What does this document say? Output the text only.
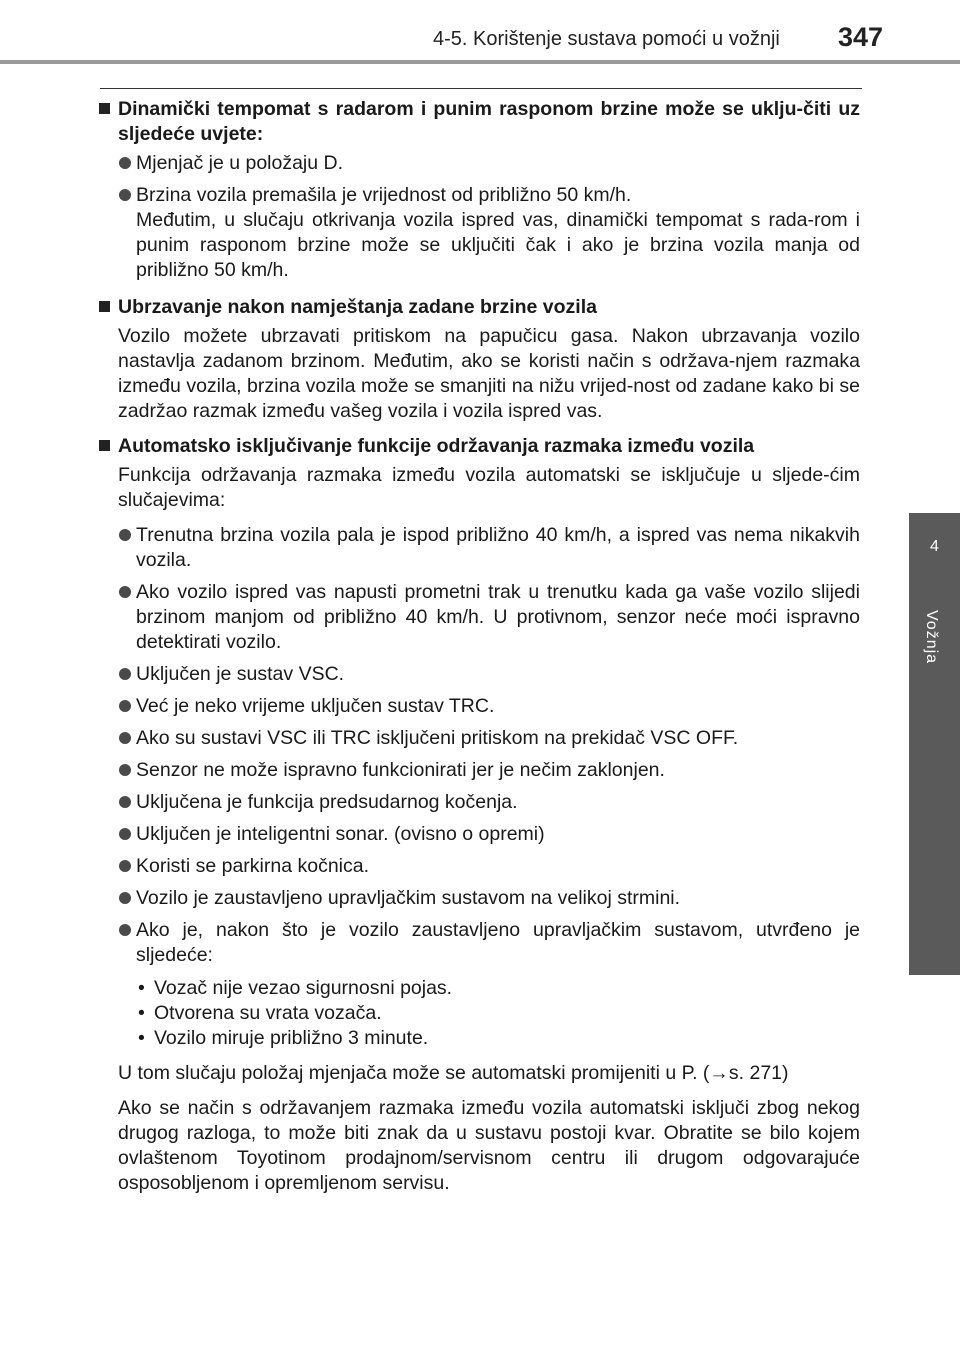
4-5. Korištenje sustava pomoći u vožnji 347
4
Vožnja
Dinamički tempomat s radarom i punim rasponom brzine može se uklju-čiti uz sljedeće uvjete:
Mjenjač je u položaju D.
Brzina vozila premašila je vrijednost od približno 50 km/h.
Međutim, u slučaju otkrivanja vozila ispred vas, dinamički tempomat s rada-rom i punim rasponom brzine može se uključiti čak i ako je brzina vozila manja od približno 50 km/h.
Ubrzavanje nakon namještanja zadane brzine vozila
Vozilo možete ubrzavati pritiskom na papučicu gasa. Nakon ubrzavanja vozilo nastavlja zadanom brzinom. Međutim, ako se koristi način s održava-njem razmaka između vozila, brzina vozila može se smanjiti na nižu vrijed-nost od zadane kako bi se zadržao razmak između vašeg vozila i vozila ispred vas.
Automatsko isključivanje funkcije održavanja razmaka između vozila
Funkcija održavanja razmaka između vozila automatski se isključuje u sljede-ćim slučajevima:
Trenutna brzina vozila pala je ispod približno 40 km/h, a ispred vas nema nikakvih vozila.
Ako vozilo ispred vas napusti prometni trak u trenutku kada ga vaše vozilo slijedi brzinom manjom od približno 40 km/h. U protivnom, senzor neće moći ispravno detektirati vozilo.
Uključen je sustav VSC.
Već je neko vrijeme uključen sustav TRC.
Ako su sustavi VSC ili TRC isključeni pritiskom na prekidač VSC OFF.
Senzor ne može ispravno funkcionirati jer je nečim zaklonjen.
Uključena je funkcija predsudarnog kočenja.
Uključen je inteligentni sonar. (ovisno o opremi)
Koristi se parkirna kočnica.
Vozilo je zaustavljeno upravljačkim sustavom na velikoj strmini.
Ako je, nakon što je vozilo zaustavljeno upravljačkim sustavom, utvrđeno je sljedeće:
• Vozač nije vezao sigurnosni pojas.
• Otvorena su vrata vozača.
• Vozilo miruje približno 3 minute.
U tom slučaju položaj mjenjača može se automatski promijeniti u P. (→s. 271)
Ako se način s održavanjem razmaka između vozila automatski isključi zbog nekog drugog razloga, to može biti znak da u sustavu postoji kvar. Obratite se bilo kojem ovlaštenom Toyotinom prodajnom/servisnom centru ili drugom odgovarajuće osposobljenom i opremljenom servisu.
